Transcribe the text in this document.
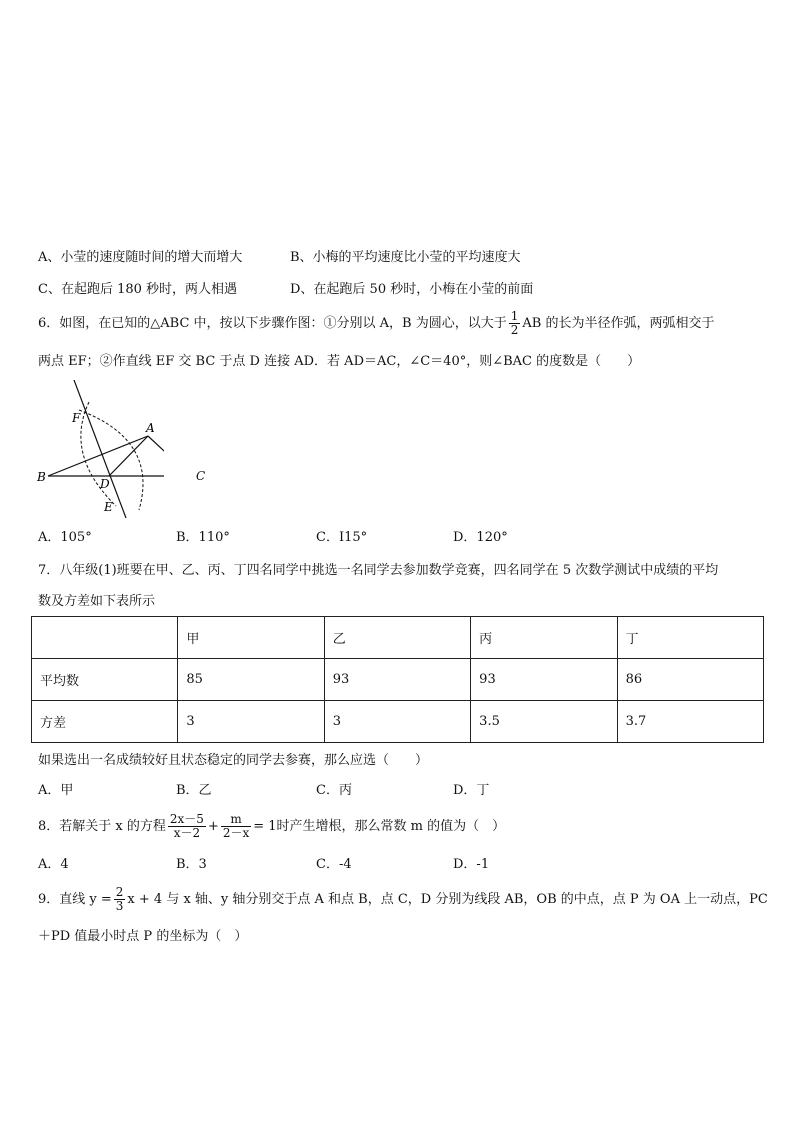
A、小莹的速度随时间的增大而增大	B、小梅的平均速度比小莹的平均速度大
C、在起跑后 180 秒时，两人相遇	D、在起跑后 50 秒时，小梅在小莹的前面
6．如图，在已知的△ABC 中，按以下步骤作图：①分别以 A，B 为圆心，以大于 $\frac{1}{2}$ AB 的长为半径作弧，两弧相交于
两点 EF；②作直线 EF 交 BC 于点 D 连接 AD．若 AD＝AC，∠C＝40°，则∠BAC 的度数是（　　）
F
A
B	D
E
C
A．105°	B．110°	C．I15°	D．120°
7．八年级(1)班要在甲、乙、丙、丁四名同学中挑选一名同学去参加数学竞赛，四名同学在 5 次数学测试中成绩的平均
数及方差如下表所示
	甲	乙	丙	丁
平均数	85	93	93	86
方差	3	3	3.5	3.7
如果选出一名成绩较好且状态稳定的同学去参赛，那么应选（　　）
A．甲	B．乙	C．丙	D．丁
8．若解关于 x 的方程 $\frac{2x-5}{x-2} + \frac{m}{2-x} = 1$时产生增根，那么常数 m 的值为（　）
A．4	B．3	C．-4	D．-1
9．直线 $y = \frac{2}{3}$ x + 4 与 x 轴、y 轴分别交于点 A 和点 B，点 C，D 分别为线段 AB，OB 的中点，点 P 为 OA 上一动点，PC
＋PD 值最小时点 P 的坐标为（　）
